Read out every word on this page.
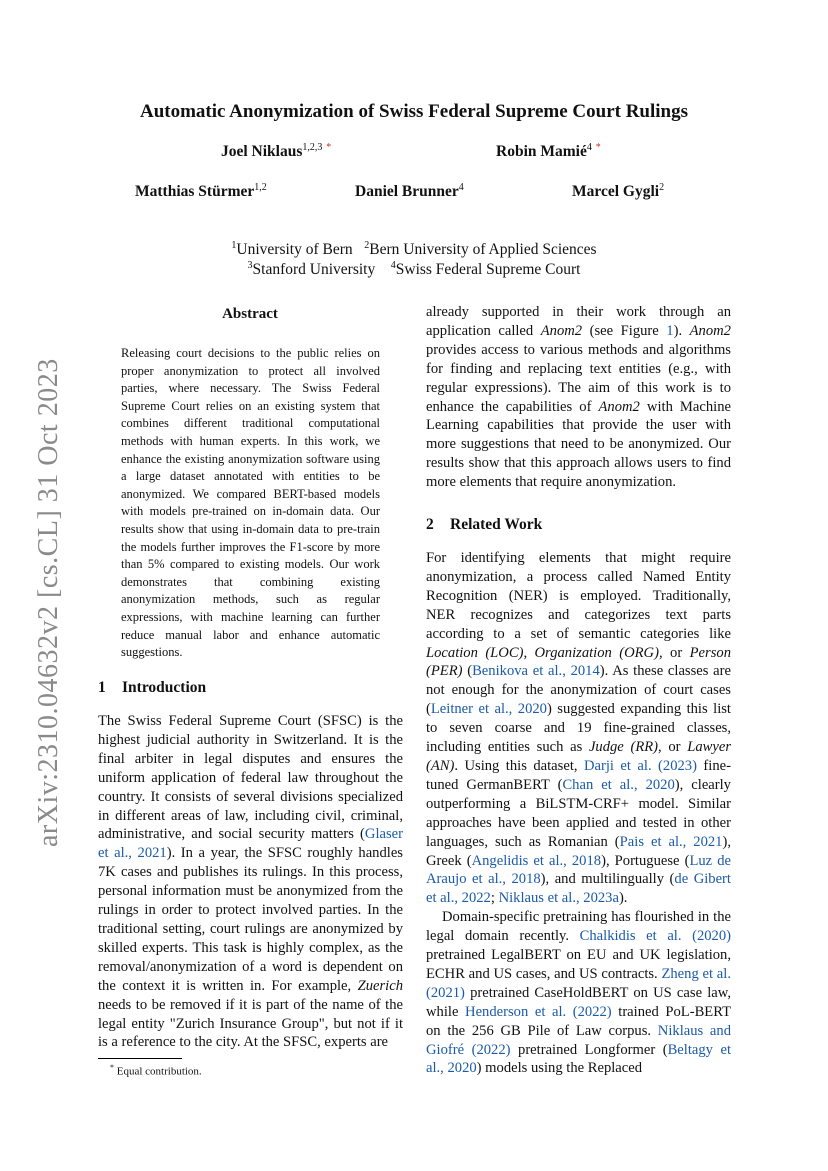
arXiv:2310.04632v2 [cs.CL] 31 Oct 2023
Automatic Anonymization of Swiss Federal Supreme Court Rulings
Joel Niklaus$^{1,2,3}$ *	Robin Mamié$^4$ *
Matthias Stürmer$^{1,2}$	Daniel Brunner$^4$	Marcel Gygli$^2$
$^1$University of Bern $^2$Bern University of Applied Sciences
$^3$Stanford University $^4$Swiss Federal Supreme Court
Abstract
Releasing court decisions to the public relies on proper anonymization to protect all involved parties, where necessary. The Swiss Federal Supreme Court relies on an existing system that combines different traditional computational methods with human experts. In this work, we enhance the existing anonymization software using a large dataset annotated with entities to be anonymized. We compared BERT-based models with models pre-trained on in-domain data. Our results show that using in-domain data to pre-train the models further improves the F1-score by more than 5% compared to existing models. Our work demonstrates that combining existing anonymization methods, such as regular expressions, with machine learning can further reduce manual labor and enhance automatic suggestions.
1 Introduction

The Swiss Federal Supreme Court (SFSC) is the highest judicial authority in Switzerland. It is the final arbiter in legal disputes and ensures the uniform application of federal law throughout the country. It consists of several divisions specialized in different areas of law, including civil, criminal, administrative, and social security matters (Glaser et al., 2021). In a year, the SFSC roughly handles 7K cases and publishes its rulings. In this process, personal information must be anonymized from the rulings in order to protect involved parties. In the traditional setting, court rulings are anonymized by skilled experts. This task is highly complex, as the removal/anonymization of a word is dependent on the context it is written in. For example, Zuerich needs to be removed if it is part of the name of the legal entity "Zurich Insurance Group", but not if it is a reference to the city. At the SFSC, experts are

already supported in their work through an application called Anom2 (see Figure 1). Anom2 provides access to various methods and algorithms for finding and replacing text entities (e.g., with regular expressions). The aim of this work is to enhance the capabilities of Anom2 with Machine Learning capabilities that provide the user with more suggestions that need to be anonymized. Our results show that this approach allows users to find more elements that require anonymization.

2 Related Work

For identifying elements that might require anonymization, a process called Named Entity Recognition (NER) is employed. Traditionally, NER recognizes and categorizes text parts according to a set of semantic categories like Location (LOC), Organization (ORG), or Person (PER) (Benikova et al., 2014). As these classes are not enough for the anonymization of court cases (Leitner et al., 2020) suggested expanding this list to seven coarse and 19 fine-grained classes, including entities such as Judge (RR), or Lawyer (AN). Using this dataset, Darji et al. (2023) fine-tuned GermanBERT (Chan et al., 2020), clearly outperforming a BiLSTM-CRF+ model. Similar approaches have been applied and tested in other languages, such as Romanian (Pais et al., 2021), Greek (Angelidis et al., 2018), Portuguese (Luz de Araujo et al., 2018), and multilingually (de Gibert et al., 2022; Niklaus et al., 2023a).

Domain-specific pretraining has flourished in the legal domain recently. Chalkidis et al. (2020) pretrained LegalBERT on EU and UK legislation, ECHR and US cases, and US contracts. Zheng et al. (2021) pretrained CaseHoldBERT on US case law, while Henderson et al. (2022) trained PoL-BERT on the 256 GB Pile of Law corpus. Niklaus and Giofré (2022) pretrained Longformer (Beltagy et al., 2020) models using the Replaced

* Equal contribution.
